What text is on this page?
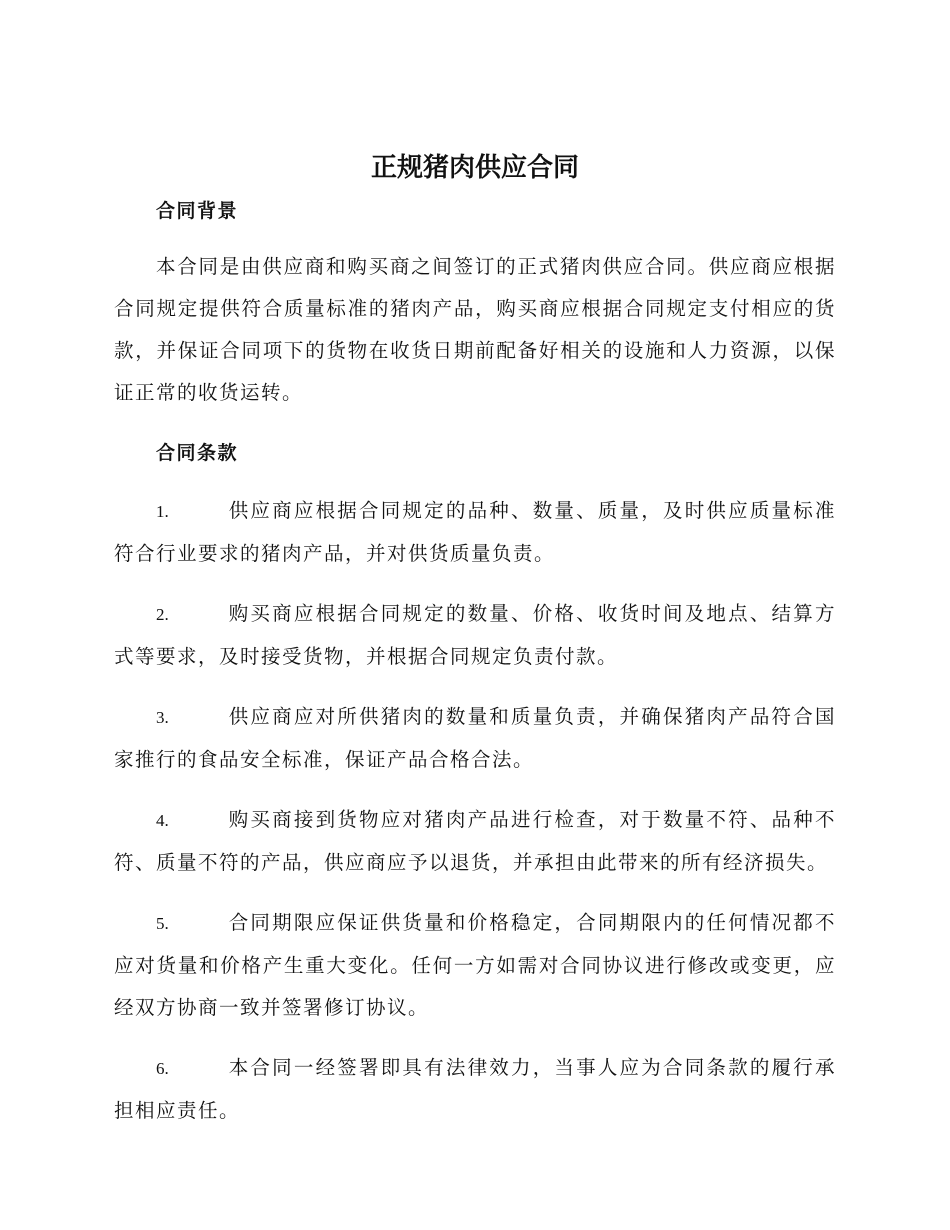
正规猪肉供应合同
合同背景

本合同是由供应商和购买商之间签订的正式猪肉供应合同。供应商应根据合同规定提供符合质量标准的猪肉产品，购买商应根据合同规定支付相应的货款，并保证合同项下的货物在收货日期前配备好相关的设施和人力资源，以保证正常的收货运转。

合同条款
1.	供应商应根据合同规定的品种、数量、质量，及时供应质量标准符合行业要求的猪肉产品，并对供货质量负责。
2.	购买商应根据合同规定的数量、价格、收货时间及地点、结算方式等要求，及时接受货物，并根据合同规定负责付款。
3.	供应商应对所供猪肉的数量和质量负责，并确保猪肉产品符合国家推行的食品安全标准，保证产品合格合法。
4.	购买商接到货物应对猪肉产品进行检查，对于数量不符、品种不符、质量不符的产品，供应商应予以退货，并承担由此带来的所有经济损失。
5.	合同期限应保证供货量和价格稳定，合同期限内的任何情况都不应对货量和价格产生重大变化。任何一方如需对合同协议进行修改或变更，应经双方协商一致并签署修订协议。
6.	本合同一经签署即具有法律效力，当事人应为合同条款的履行承担相应责任。
